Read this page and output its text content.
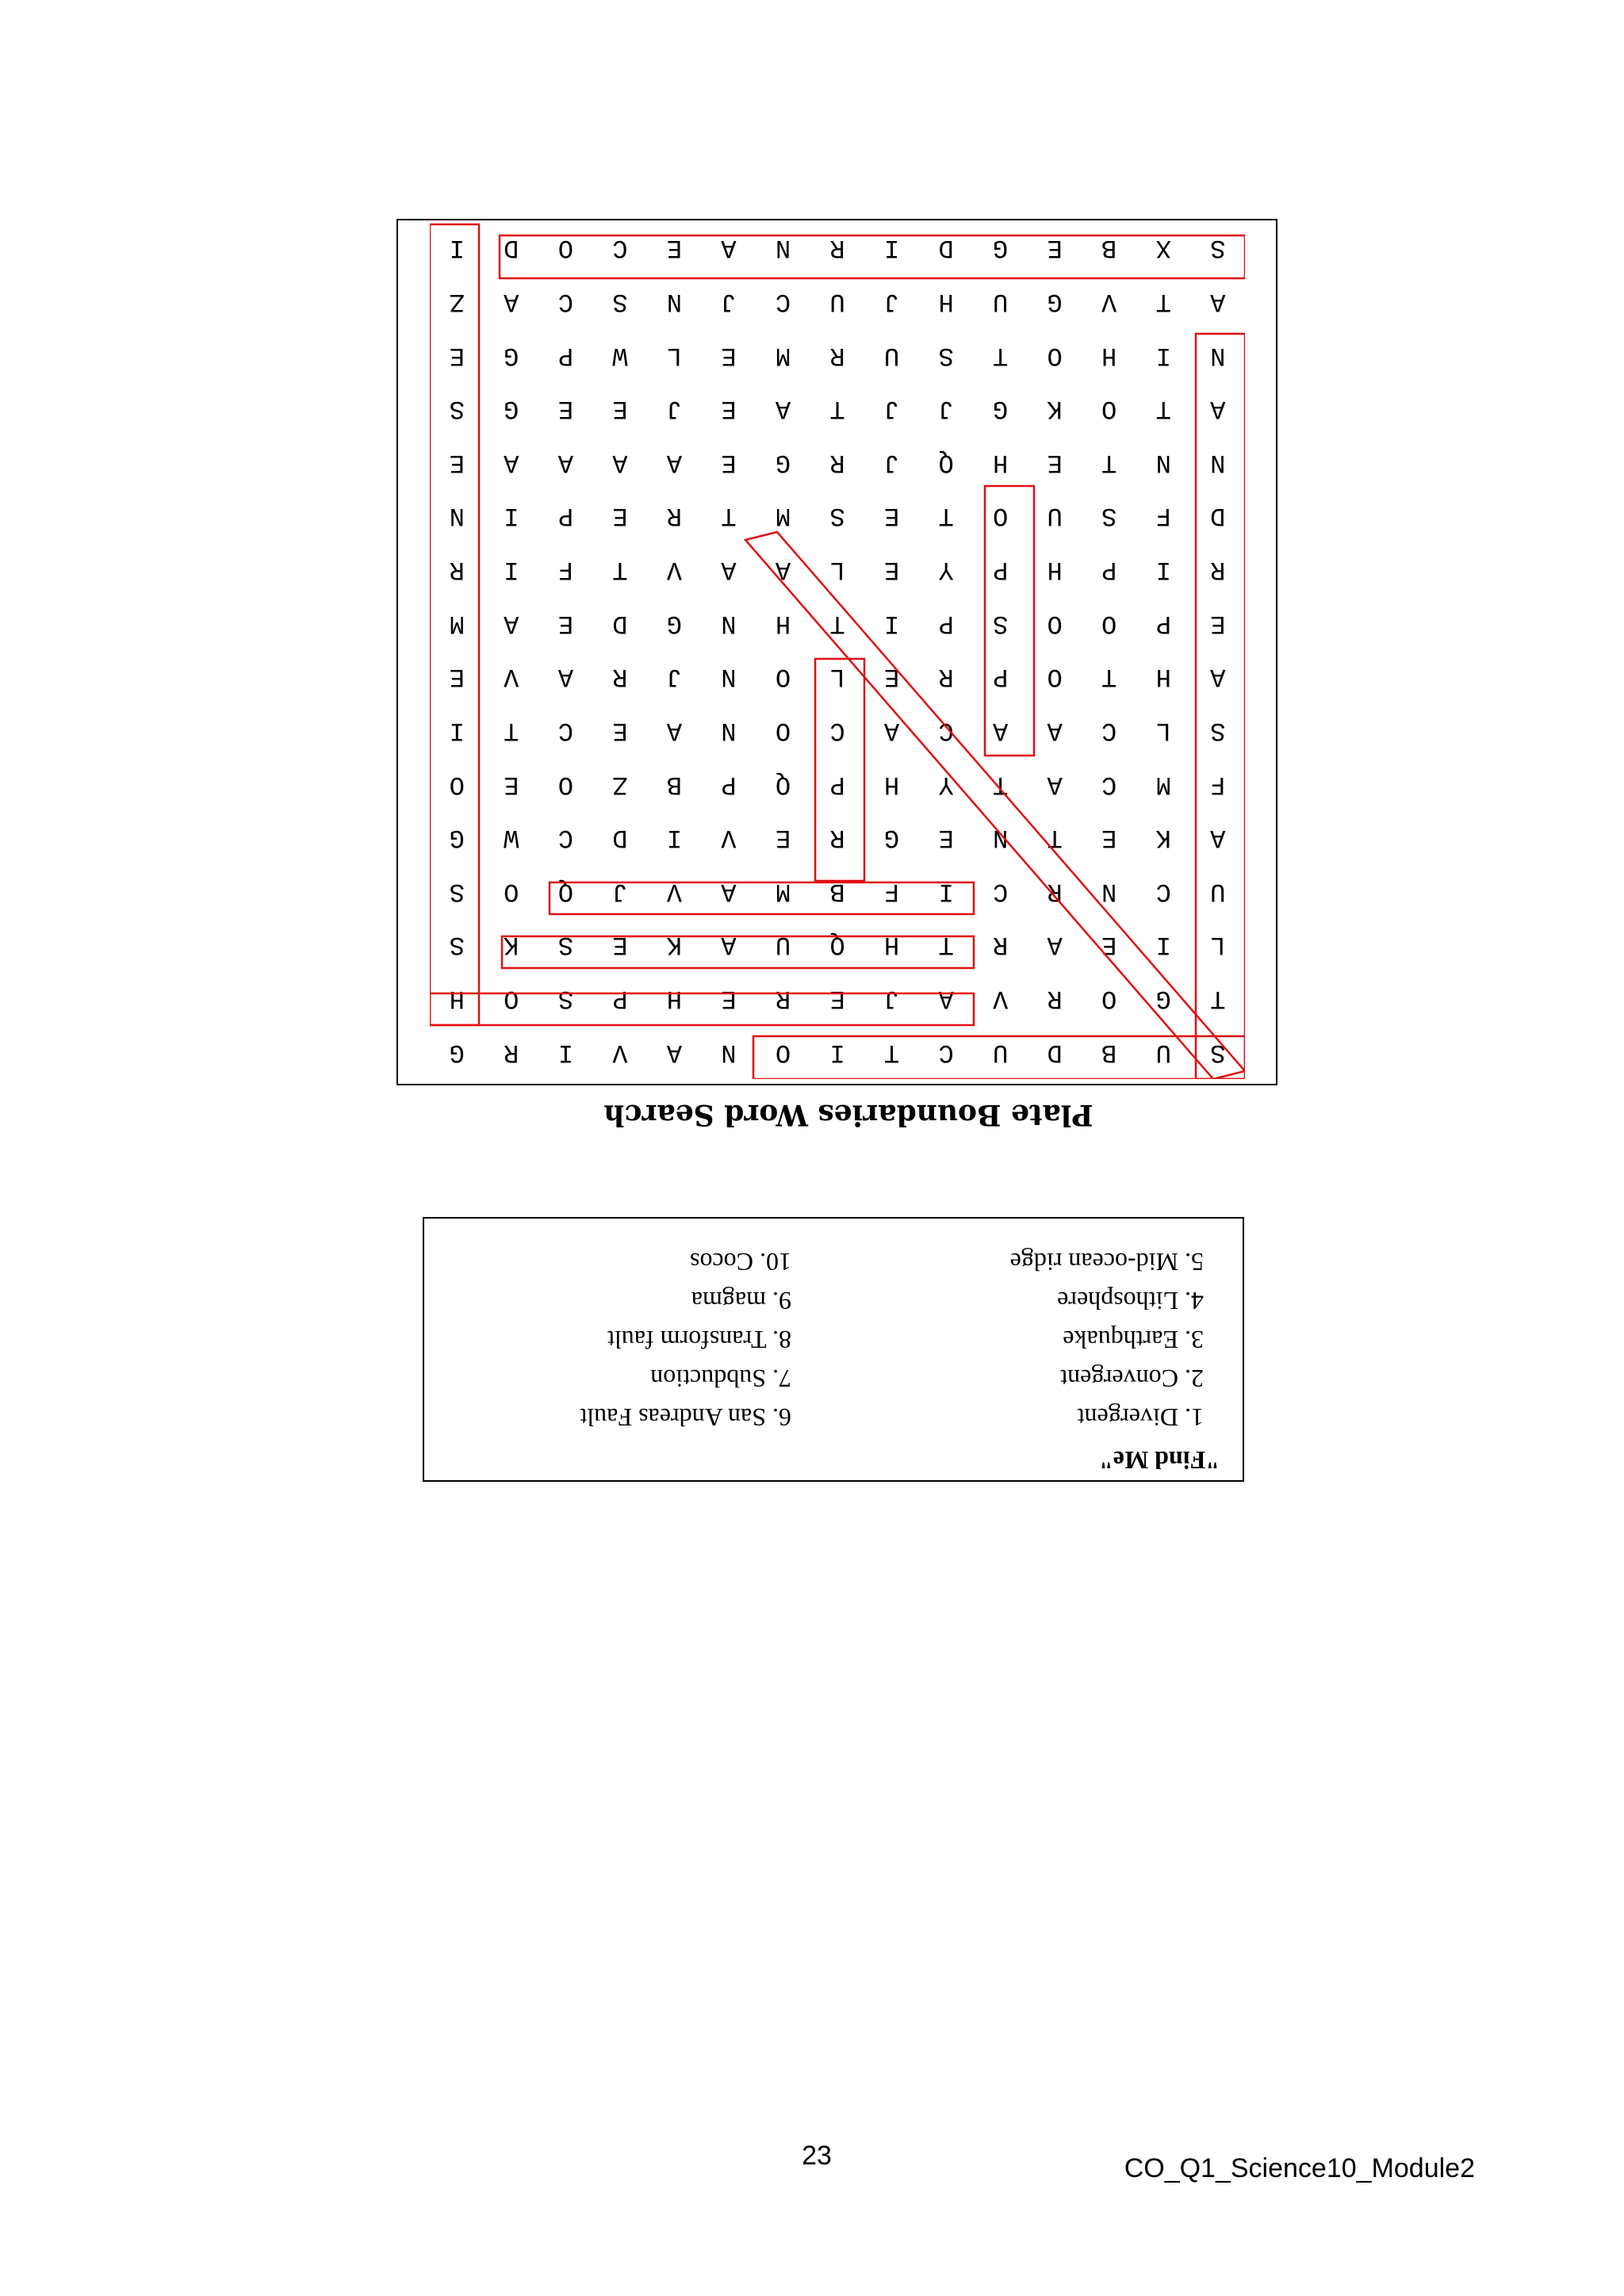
S
U
B
D
U
C
T
I
O
N
A
V
I
R
G
T
G
O
R
V
A
J
E
R
E
H
P
S
O
H
L
I
E
A
R
T
H
Q
U
A
K
E
S
K
S
U
C
N
R
C
I
F
B
M
A
V
J
Q
O
S
A
K
E
T
N
E
G
R
E
V
I
D
C
W
G
F
M
C
A
T
Y
H
P
Q
P
B
Z
O
E
O
S
L
C
A
A
C
A
C
O
N
A
E
C
T
I
A
H
T
O
P
R
E
L
O
N
J
R
A
V
E
E
P
O
O
S
P
I
T
H
N
G
D
E
A
M
R
I
P
H
P
Y
E
L
A
A
V
T
F
I
R
D
F
S
U
O
T
E
S
M
T
R
E
P
I
N
N
N
T
E
H
Q
J
R
G
E
A
A
A
A
E
A
T
O
K
G
J
J
T
A
E
J
E
E
G
S
N
I
H
O
T
S
U
R
M
E
L
W
P
G
E
A
T
V
G
U
H
J
U
C
J
N
S
C
A
Z
S
X
B
E
G
D
I
R
N
A
E
C
O
D
I
Plate Boundaries Word Search
"Find Me"
1. Divergent
2. Convergent
3. Earthquake
4. Lithosphere
5. Mid-ocean ridge
6. San Andreas Fault
7. Subduction
8. Transform fault
9. magma
10. Cocos
23	CO_Q1_Science10_Module2
